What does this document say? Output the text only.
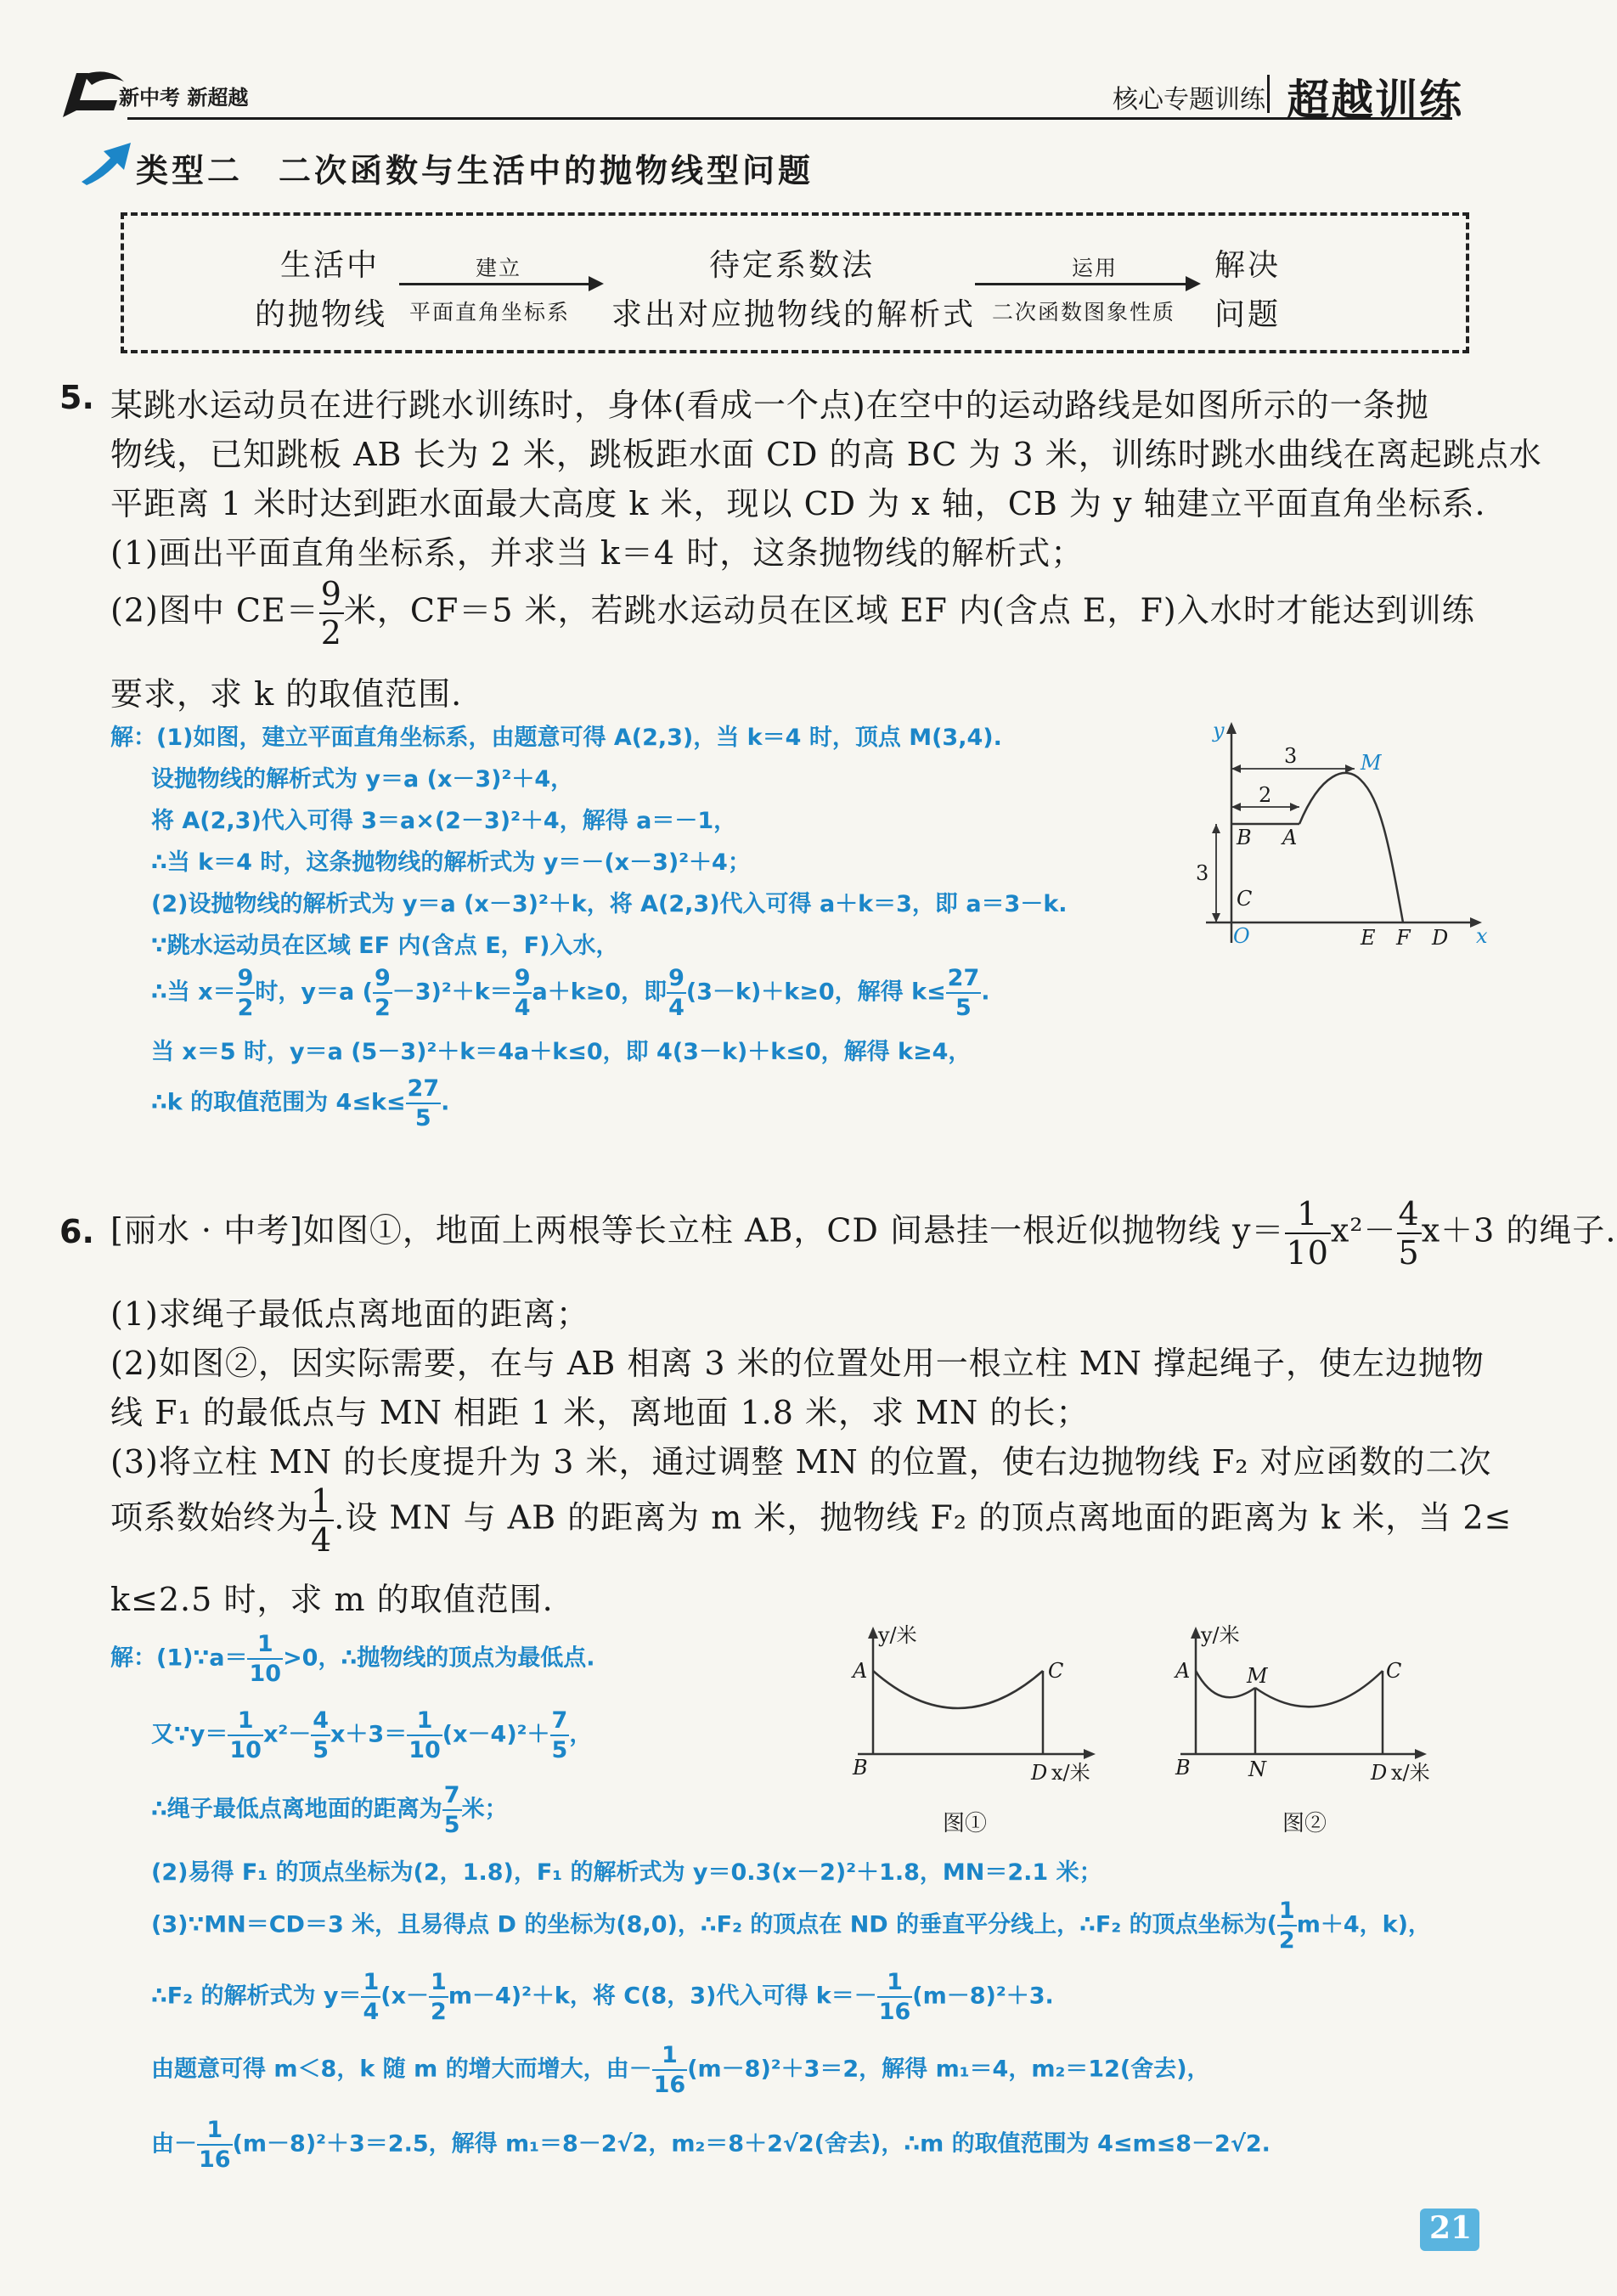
新中考 新超越	核心专题训练 超越训练
类型二　二次函数与生活中的抛物线型问题
生活中
的抛物线
建立
平面直角坐标系
待定系数法
求出对应抛物线的解析式
运用
二次函数图象性质
解决
问题
5. 某跳水运动员在进行跳水训练时，身体(看成一个点)在空中的运动路线是如图所示的一条抛
物线，已知跳板 AB 长为 2 米，跳板距水面 CD 的高 BC 为 3 米，训练时跳水曲线在离起跳点水
平距离 1 米时达到距水面最大高度 k 米，现以 CD 为 x 轴，CB 为 y 轴建立平面直角坐标系.
(1)画出平面直角坐标系，并求当 k＝4 时，这条抛物线的解析式；
(2)图中 $CE= \frac{9}{2}$ 米，CF＝5 米，若跳水运动员在区域 EF 内(含点 E，F)入水时才能达到训练
要求，求 k 的取值范围.
解：(1)如图，建立平面直角坐标系，由题意可得 A(2,3)，当 k＝4 时，顶点 M(3,4).
设抛物线的解析式为 y＝a (x－3)²＋4，
将 A(2,3)代入可得 3＝a×(2－3)²＋4，解得 a＝－1，
∴当 k＝4 时，这条抛物线的解析式为 y＝－(x－3)²＋4；
(2)设抛物线的解析式为 y＝a (x－3)²＋k，将 A(2,3)代入可得 a＋k＝3，即 a＝3－k.
∵跳水运动员在区域 EF 内(含点 E，F)入水，
∴当 $x= \frac{9}{2}$ 时，y＝a ( $\frac{9}{2} -3)^2+k= \frac{9}{4} a+k\ge 0$，即 $\frac{9}{4} (3-k)+k\ge 0$，解得 $k\le \frac{27}{5}$ .
当 x＝5 时，y＝a (5－3)²＋k＝4a＋k≤0，即 4(3－k)＋k≤0，解得 k≥4，
∴k 的取值范围为 $4\le k\le \frac{27}{5}$ .
y
x
M
B A
C
O	E F D
3
2
3
6. [丽水 · 中考]如图①，地面上两根等长立柱 AB，CD 间悬挂一根近似抛物线 $y= \frac{1}{10} x^2- \frac{4}{5} x+3$ 的绳子.
(1)求绳子最低点离地面的距离；
(2)如图②，因实际需要，在与 AB 相离 3 米的位置处用一根立柱 MN 撑起绳子，使左边抛物
线 F₁ 的最低点与 MN 相距 1 米，离地面 1.8 米，求 MN 的长；
(3)将立柱 MN 的长度提升为 3 米，通过调整 MN 的位置，使右边抛物线 F₂ 对应函数的二次
项系数始终为 $\frac{1}{4}$ .设 MN 与 AB 的距离为 m 米，抛物线 F₂ 的顶点离地面的距离为 k 米，当 2≤
k≤2.5 时，求 m 的取值范围.
解：(1)∵a＝ $\frac{1}{10} >0$，∴抛物线的顶点为最低点.
又∵y＝ $\frac{1}{10} x^2- \frac{4}{5} x+3= \frac{1}{10} (x-4)^2+ \frac{7}{5}$ ，
∴绳子最低点离地面的距离为 $\frac{7}{5}$ 米；
(2)易得 F₁ 的顶点坐标为(2，1.8)，F₁ 的解析式为 y＝0.3(x－2)²＋1.8，MN＝2.1 米；
(3)∵MN＝CD＝3 米，且易得点 D 的坐标为(8,0)，∴F₂ 的顶点在 ND 的垂直平分线上，∴F₂ 的顶点坐标为( $\frac{1}{2} m+4$，k)，
∴F₂ 的解析式为 $y= \frac{1}{4} (x- \frac{1}{2} m-4)^2+k$，将 C(8，3)代入可得 $k=- \frac{1}{16} (m-8)^2+3$.
由题意可得 m＜8，k 随 m 的增大而增大，由－ $\frac{1}{16} (m-8)^2+3=2$，解得 m₁＝4，m₂＝12(舍去)，
由－ $\frac{1}{16} (m-8)^2+3=2.5$，解得 m₁＝8－2√2，m₂＝8＋2√2(舍去)，∴m 的取值范围为 4≤m≤8－2√2.
y/米
x/米
A
B
C
D
图①
y/米
x/米
A
B
M
N
C
D
图②
21
